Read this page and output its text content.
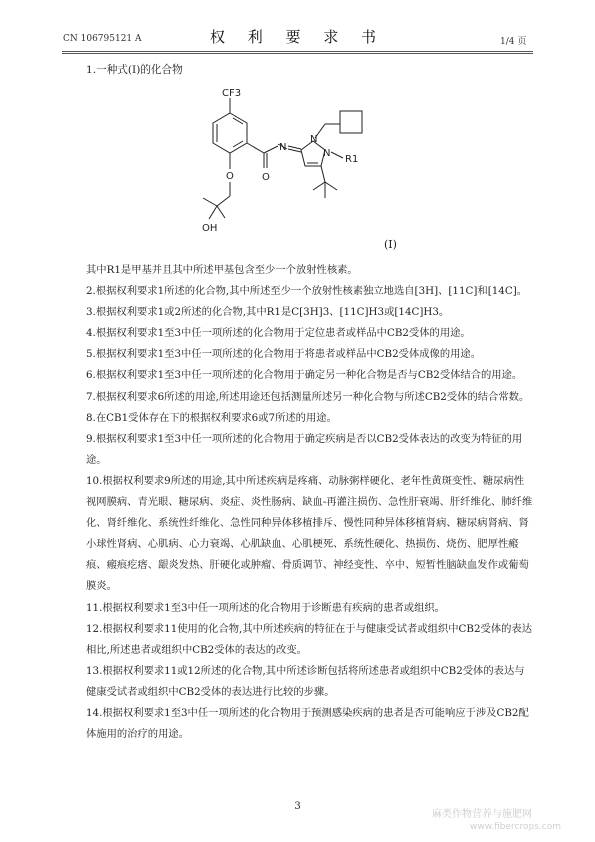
CN 106795121 A	权 利 要 求 书	1/4 页
1.一种式(I)的化合物
CF3
O
N
N
N
R1
O
OH
(I)

其中R1是甲基并且其中所述甲基包含至少一个放射性核素。

2.根据权利要求1所述的化合物,其中所述至少一个放射性核素独立地选自[3H]、[11C]和[14C]。

3.根据权利要求1或2所述的化合物,其中R1是C[3H]3、[11C]H3或[14C]H3。

4.根据权利要求1至3中任一项所述的化合物用于定位患者或样品中CB2受体的用途。

5.根据权利要求1至3中任一项所述的化合物用于将患者或样品中CB2受体成像的用途。

6.根据权利要求1至3中任一项所述的化合物用于确定另一种化合物是否与CB2受体结合的用途。

7.根据权利要求6所述的用途,所述用途还包括测量所述另一种化合物与所述CB2受体的结合常数。

8.在CB1受体存在下的根据权利要求6或7所述的用途。

9.根据权利要求1至3中任一项所述的化合物用于确定疾病是否以CB2受体表达的改变为特征的用途。

10.根据权利要求9所述的用途,其中所述疾病是疼痛、动脉粥样硬化、老年性黄斑变性、糖尿病性视网膜病、青光眼、糖尿病、炎症、炎性肠病、缺血-再灌注损伤、急性肝衰竭、肝纤维化、肺纤维化、肾纤维化、系统性纤维化、急性同种异体移植排斥、慢性同种异体移植肾病、糖尿病肾病、肾小球性肾病、心肌病、心力衰竭、心肌缺血、心肌梗死、系统性硬化、热损伤、烧伤、肥厚性瘢痕、瘢痕疙瘩、龈炎发热、肝硬化或肿瘤、骨质调节、神经变性、卒中、短暂性脑缺血发作或葡萄膜炎。

11.根据权利要求1至3中任一项所述的化合物用于诊断患有疾病的患者或组织。

12.根据权利要求11使用的化合物,其中所述疾病的特征在于与健康受试者或组织中CB2受体的表达相比,所述患者或组织中CB2受体的表达的改变。

13.根据权利要求11或12所述的化合物,其中所述诊断包括将所述患者或组织中CB2受体的表达与健康受试者或组织中CB2受体的表达进行比较的步骤。

14.根据权利要求1至3中任一项所述的化合物用于预测感染疾病的患者是否可能响应于涉及CB2配体施用的治疗的用途。

3
麻类作物营养与施肥网
www.fibercrops.com
